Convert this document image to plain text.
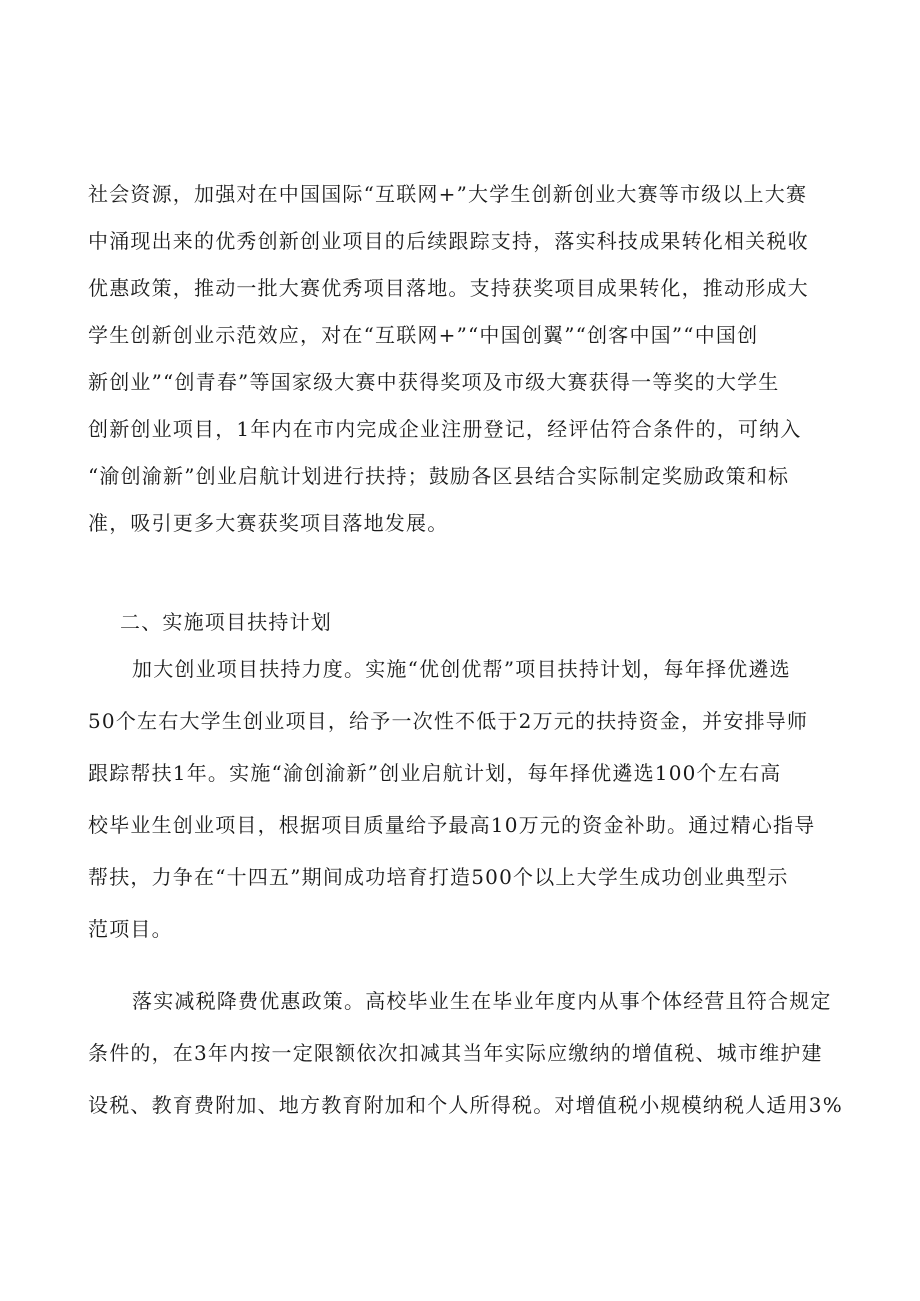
社会资源，加强对在中国国际“互联网+”大学生创新创业大赛等市级以上大赛
中涌现出来的优秀创新创业项目的后续跟踪支持，落实科技成果转化相关税收
优惠政策，推动一批大赛优秀项目落地。支持获奖项目成果转化，推动形成大
学生创新创业示范效应，对在“互联网+”“中国创翼”“创客中国”“中国创
新创业”“创青春”等国家级大赛中获得奖项及市级大赛获得一等奖的大学生
创新创业项目，1年内在市内完成企业注册登记，经评估符合条件的，可纳入
“渝创渝新”创业启航计划进行扶持；鼓励各区县结合实际制定奖励政策和标
准，吸引更多大赛获奖项目落地发展。
二、实施项目扶持计划
加大创业项目扶持力度。实施“优创优帮”项目扶持计划，每年择优遴选
50个左右大学生创业项目，给予一次性不低于2万元的扶持资金，并安排导师
跟踪帮扶1年。实施“渝创渝新”创业启航计划，每年择优遴选100个左右高
校毕业生创业项目，根据项目质量给予最高10万元的资金补助。通过精心指导
帮扶，力争在“十四五”期间成功培育打造500个以上大学生成功创业典型示
范项目。
落实减税降费优惠政策。高校毕业生在毕业年度内从事个体经营且符合规定
条件的，在3年内按一定限额依次扣减其当年实际应缴纳的增值税、城市维护建
设税、教育费附加、地方教育附加和个人所得税。对增值税小规模纳税人适用3%
